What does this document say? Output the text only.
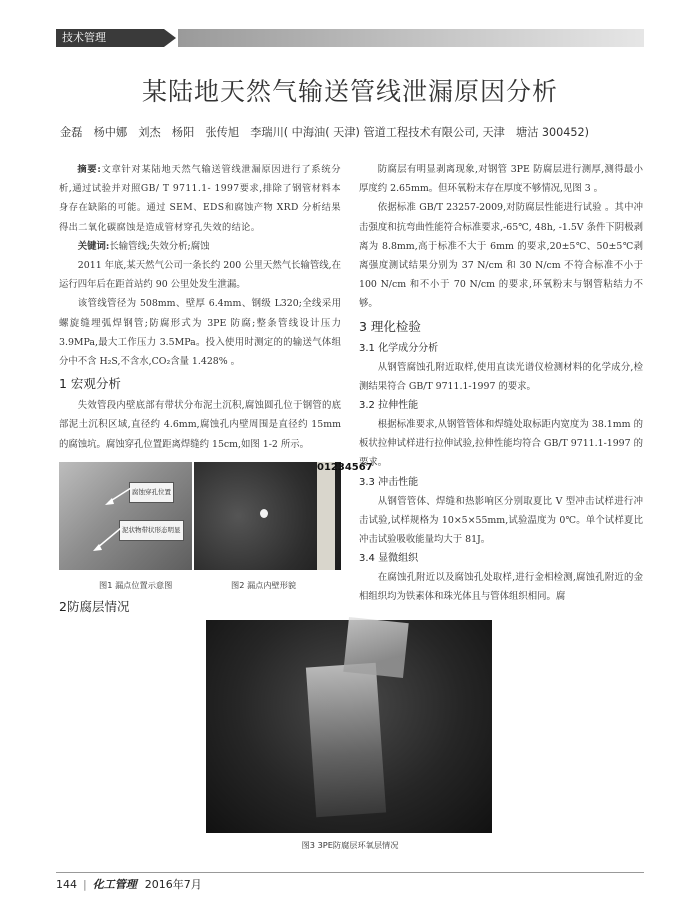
技术管理
某陆地天然气输送管线泄漏原因分析
金磊　杨中娜　刘杰　杨阳　张传旭　李瑞川( 中海油( 天津) 管道工程技术有限公司, 天津　塘沽 300452)

摘要:文章针对某陆地天然气输送管线泄漏原因进行了系统分析,通过试验并对照GB/ T 9711.1- 1997要求,排除了钢管材料本身存在缺陷的可能。通过 SEM、EDS和腐蚀产物 XRD 分析结果得出二氧化碳腐蚀是造成管材穿孔失效的结论。

关键词:长输管线;失效分析;腐蚀

2011 年底,某天然气公司一条长约 200 公里天然气长输管线,在运行四年后在距首站约 90 公里处发生泄漏。

该管线管径为 508mm、壁厚 6.4mm、钢级 L320;全线采用螺旋缝埋弧焊钢管;防腐形式为 3PE 防腐;整条管线设计压力 3.9MPa,最大工作压力 3.5MPa。投入使用时测定的的输送气体组分中不含 H₂S,不含水,CO₂含量 1.428% 。

1 宏观分析

失效管段内壁底部有带状分布泥土沉积,腐蚀圆孔位于钢管的底部泥土沉积区域,直径约 4.6mm,腐蚀孔内壁周围是直径约 15mm 的腐蚀坑。腐蚀穿孔位置距离焊缝约 15cm,如图 1-2 所示。

腐蚀穿孔位置
泥状物带状形态明显
01234567
图1 漏点位置示意图	图2 漏点内壁形貌
2防腐层情况

防腐层有明显剥离现象,对钢管 3PE 防腐层进行测厚,测得最小厚度约 2.65mm。但环氧粉末存在厚度不够情况,见图 3 。

依据标准 GB/T 23257-2009,对防腐层性能进行试验 。其中冲击强度和抗弯曲性能符合标准要求,-65℃, 48h, -1.5V 条件下阴极剥离为 8.8mm,高于标准不大于 6mm 的要求,20±5℃、50±5℃剥离强度测试结果分别为 37 N/cm 和 30 N/cm 不符合标准不小于 100 N/cm 和不小于 70 N/cm 的要求,环氧粉末与钢管粘结力不够。

3 理化检验
3.1 化学成分分析

从钢管腐蚀孔附近取样,使用直读光谱仪检测材料的化学成分,检测结果符合 GB/T 9711.1-1997 的要求。

3.2 拉伸性能

根据标准要求,从钢管管体和焊缝处取标距内宽度为 38.1mm 的板状拉伸试样进行拉伸试验,拉伸性能均符合 GB/T 9711.1-1997 的要求。

3.3 冲击性能

从钢管管体、焊缝和热影响区分别取夏比 V 型冲击试样进行冲击试验,试样规格为 10×5×55mm,试验温度为 0℃。单个试样夏比冲击试验吸收能量均大于 81J。

3.4 显微组织

在腐蚀孔附近以及腐蚀孔处取样,进行金相检测,腐蚀孔附近的金相组织均为铁素体和珠光体且与管体组织相同。腐

图3 3PE防腐层环氧层情况
144 | 化工管理 2016年7月
